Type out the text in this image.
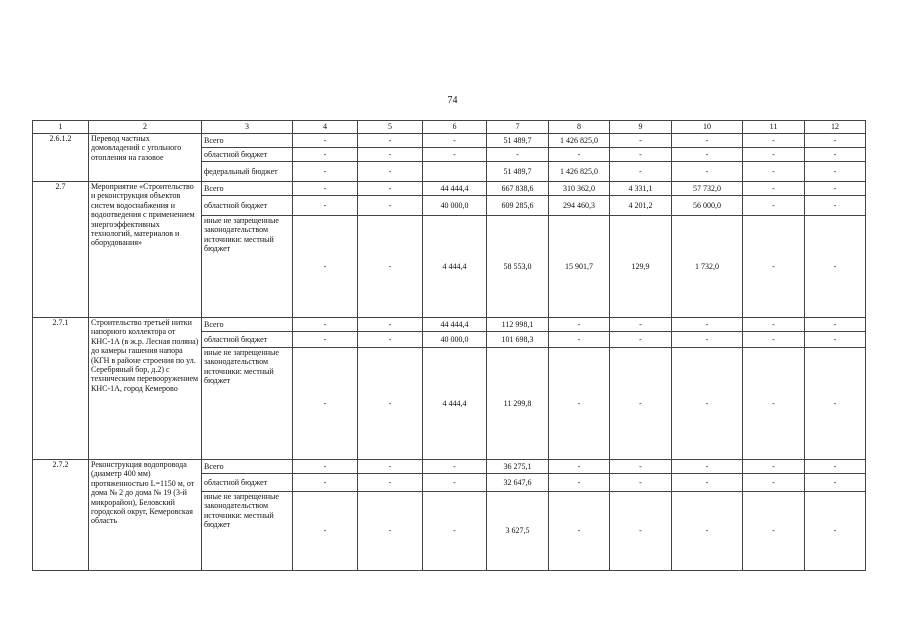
74
1	2	3	4	5	6	7	8	9	10	11	12
2.6.1.2	Перевод частных домовладений с угольного отопления на газовое	Всего	-	-	-	51 489,7	1 426 825,0	-	-	-	-
		областной бюджет	-	-	-	-	-	-	-	-	-
		федеральный бюджет	-	-		51 489,7	1 426 825,0	-	-	-	-
2.7	Мероприятие «Строительство и реконструкция объектов систем водоснабжения и водоотведения с применением энергоэффективных технологий, материалов и оборудования»	Всего	-	-	44 444,4	667 838,6	310 362,0	4 331,1	57 732,0	-	-
		областной бюджет	-	-	40 000,0	609 285,6	294 460,3	4 201,2	56 000,0	-	-
		иные не запрещенные законодательством источники: местный бюджет	-	-	4 444,4	58 553,0	15 901,7	129,9	1 732,0	-	-
2.7.1	Строительство третьей нитки напорного коллектора от КНС-1А (в ж.р. Лесная поляна) до камеры гашения напора (КГН в районе строения по ул. Серебряный бор, д.2) с техническим перевооружением КНС-1А, город Кемерово	Всего	-	-	44 444,4	112 998,1	-	-	-	-	-
		областной бюджет	-	-	40 000,0	101 698,3	-	-	-	-	-
		иные не запрещенные законодательством источники: местный бюджет	-	-	4 444,4	11 299,8	-	-	-	-	-
2.7.2	Реконструкция водопровода (диаметр 400 мм) протяженностью L=1150 м, от дома № 2 до дома № 19 (3-й микрорайон), Беловский городской округ, Кемеровская область	Всего	-	-	-	36 275,1	-	-	-	-	-
		областной бюджет	-	-	-	32 647,6	-	-	-	-	-
		иные не запрещенные законодательством источники: местный бюджет	-	-	-	3 627,5	-	-	-	-	-
